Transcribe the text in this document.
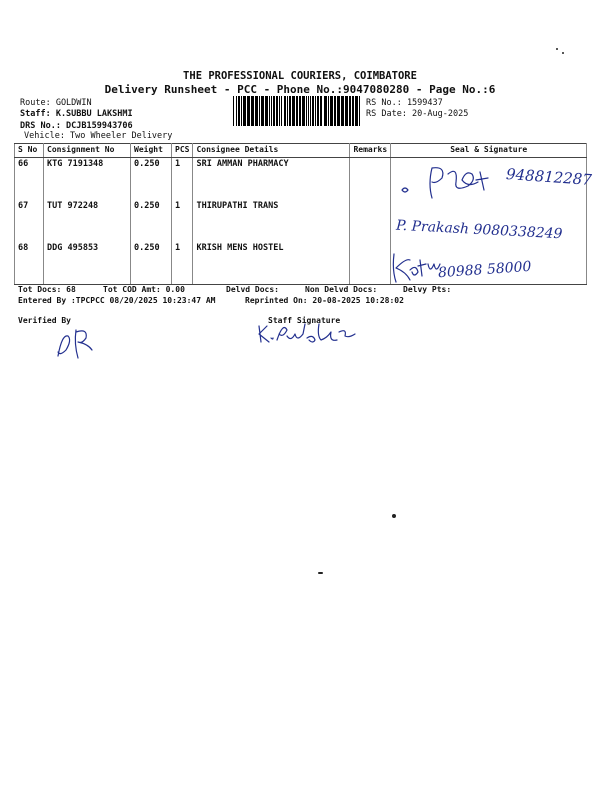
THE PROFESSIONAL COURIERS, COIMBATORE
Delivery Runsheet - PCC - Phone No.:9047080280 - Page No.:6
Route: GOLDWIN
Staff: K.SUBBU LAKSHMI
DRS No.: DCJB159943706
Vehicle: Two Wheeler Delivery
RS No.: 1599437
RS Date: 20-Aug-2025
S No	Consignment No	Weight	PCS	Consignee Details	Remarks	Seal & Signature
66	KTG 7191348	0.250	1	SRI AMMAN PHARMACY		
67	TUT 972248	0.250	1	THIRUPATHI TRANS		
68	DDG 495853	0.250	1	KRISH MENS HOSTEL		
948812287
P. Prakash 9080338249
80988 58000
Tot Docs: 68	Tot COD Amt: 0.00	Delvd Docs:	Non Delvd Docs:	Delvy Pts:
Entered By :TPCPCC 08/20/2025 10:23:47 AM	Reprinted On: 20-08-2025 10:28:02
Verified By	Staff Signature
